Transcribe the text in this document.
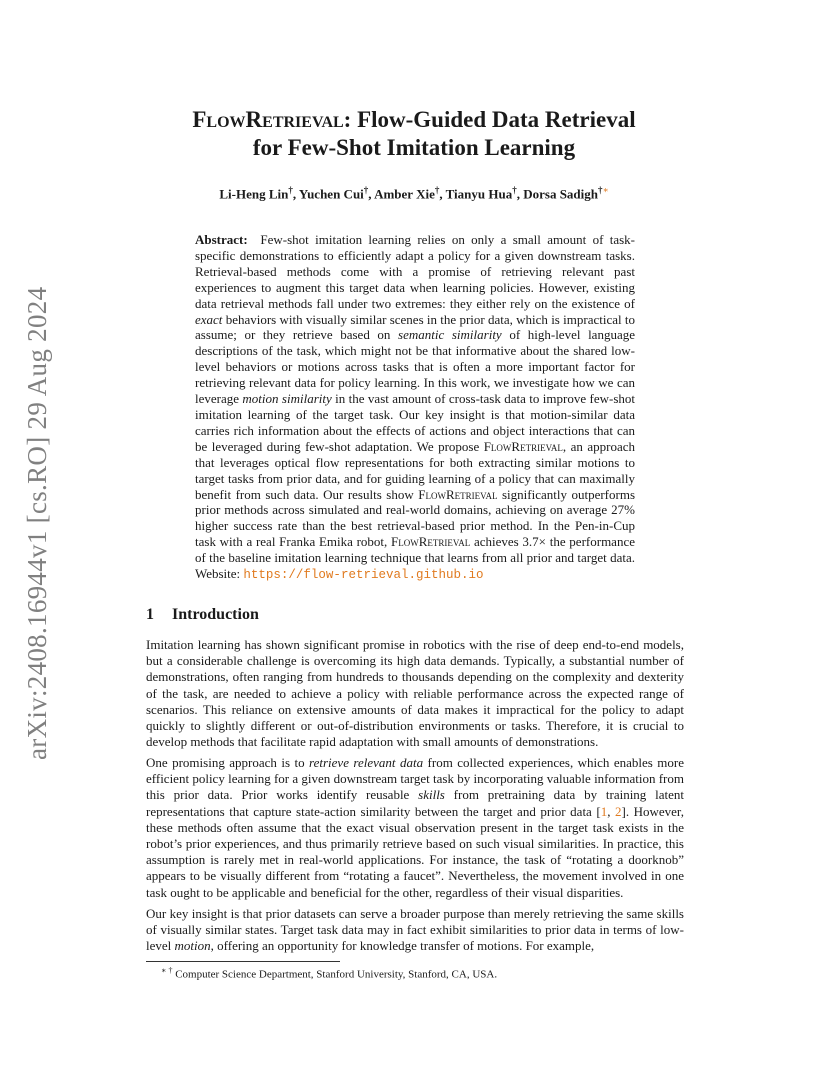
arXiv:2408.16944v1 [cs.RO] 29 Aug 2024
FlowRetrieval: Flow-Guided Data Retrieval
for Few-Shot Imitation Learning
Li-Heng Lin†, Yuchen Cui†, Amber Xie†, Tianyu Hua†, Dorsa Sadigh†∗
Abstract: Few-shot imitation learning relies on only a small amount of task-specific demonstrations to efficiently adapt a policy for a given downstream tasks. Retrieval-based methods come with a promise of retrieving relevant past experiences to augment this target data when learning policies. However, existing data retrieval methods fall under two extremes: they either rely on the existence of exact behaviors with visually similar scenes in the prior data, which is impractical to assume; or they retrieve based on semantic similarity of high-level language descriptions of the task, which might not be that informative about the shared low-level behaviors or motions across tasks that is often a more important factor for retrieving relevant data for policy learning. In this work, we investigate how we can leverage motion similarity in the vast amount of cross-task data to improve few-shot imitation learning of the target task. Our key insight is that motion-similar data carries rich information about the effects of actions and object interactions that can be leveraged during few-shot adaptation. We propose FlowRetrieval, an approach that leverages optical flow representations for both extracting similar motions to target tasks from prior data, and for guiding learning of a policy that can maximally benefit from such data. Our results show FlowRetrieval significantly outperforms prior methods across simulated and real-world domains, achieving on average 27% higher success rate than the best retrieval-based prior method. In the Pen-in-Cup task with a real Franka Emika robot, FlowRetrieval achieves 3.7× the performance of the baseline imitation learning technique that learns from all prior and target data. Website: https://flow-retrieval.github.io
1 Introduction

Imitation learning has shown significant promise in robotics with the rise of deep end-to-end models, but a considerable challenge is overcoming its high data demands. Typically, a substantial number of demonstrations, often ranging from hundreds to thousands depending on the complexity and dexterity of the task, are needed to achieve a policy with reliable performance across the expected range of scenarios. This reliance on extensive amounts of data makes it impractical for the policy to adapt quickly to slightly different or out-of-distribution environments or tasks. Therefore, it is crucial to develop methods that facilitate rapid adaptation with small amounts of demonstrations.

One promising approach is to retrieve relevant data from collected experiences, which enables more efficient policy learning for a given downstream target task by incorporating valuable information from this prior data. Prior works identify reusable skills from pretraining data by training latent representations that capture state-action similarity between the target and prior data [1, 2]. However, these methods often assume that the exact visual observation present in the target task exists in the robot’s prior experiences, and thus primarily retrieve based on such visual similarities. In practice, this assumption is rarely met in real-world applications. For instance, the task of “rotating a doorknob” appears to be visually different from “rotating a faucet”. Nevertheless, the movement involved in one task ought to be applicable and beneficial for the other, regardless of their visual disparities.

Our key insight is that prior datasets can serve a broader purpose than merely retrieving the same skills of visually similar states. Target task data may in fact exhibit similarities to prior data in terms of low-level motion, offering an opportunity for knowledge transfer of motions. For example,

∗ † Computer Science Department, Stanford University, Stanford, CA, USA.
